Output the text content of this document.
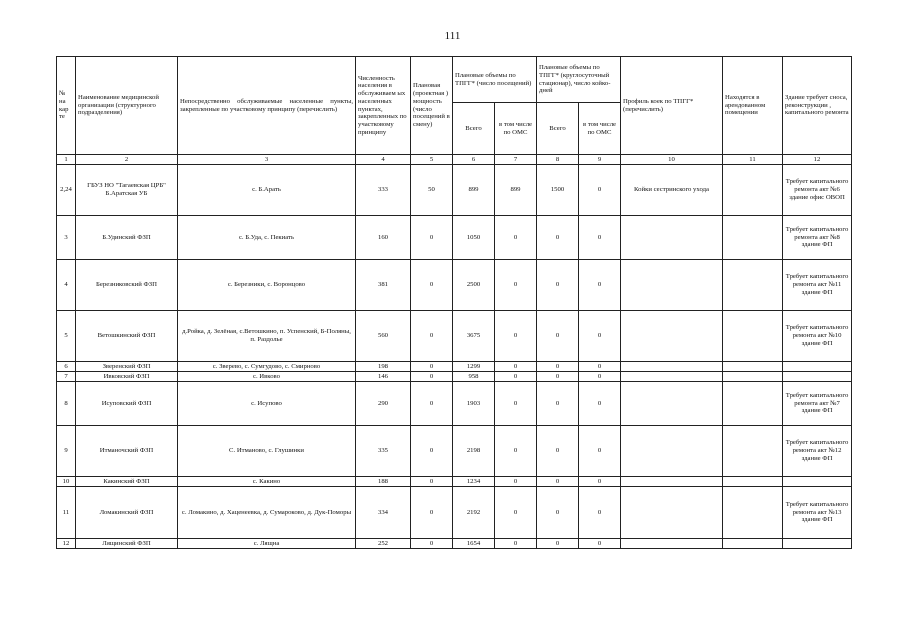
111
№ на кар те	Наименование медицинской организации (структурного подразделения)	Непосредственно обслуживаемые населенные пункты, закрепленные по участковому принципу (перечислить)	Численность населения в обслуживаем ых населенных пунктах, закрепленных по участковому принципу	Плановая (проектная ) мощность (число посещений в смену)	Плановые объемы по ТПГГ* (число посещений)		Плановые объемы по ТПГГ* (круглосуточный стационар), число койко-дней		Профиль коек по ТПГГ* (перечислить)	Находятся в арендованном помещении	Здание требует сноса, реконструкции , капитального ремонта
					Всего	в том числе по ОМС	Всего	в том числе по ОМС			
1	2	3	4	5	6	7	8	9	10	11	12
2,24	ГБУЗ НО "Тагаевская ЦРБ" Б.Аратская УБ	с. Б.Арать	333	50	899	899	1500	0	Койки сестринского ухода		Требует капитального ремонта акт №6 здание офис ОВОП
3	Б.Удинский ФЗП	с. Б.Уда, с. Пекиать	160	0	1050	0	0	0			Требует капитального ремонта акт №8 здание ФП
4	Березниковский ФЗП	с. Березники, с. Воронцово	381	0	2500	0	0	0			Требует капитального ремонта акт №11 здание ФП
5	Ветошкинский ФЗП	д.Ройка, д. Зелёная, с.Ветошкино, п. Успенский, Б-Поляны, п. Раздолье	560	0	3675	0	0	0			Требует капитального ремонта акт №10 здание ФП
6	Зверенский ФЗП	с. Зверево, с. Сумгудово, с. Смирново	198	0	1299	0	0	0			
7	Ивковский ФЗП	с. Ивково	146	0	958	0	0	0			
8	Исуповский ФЗП	с. Исупово	290	0	1903	0	0	0			Требует капитального ремонта акт №7 здание ФП
9	Итманочский ФЗП	С. Итманово, с. Глушинки	335	0	2198	0	0	0			Требует капитального ремонта акт №12 здание ФП
10	Какинский ФЗП	с. Какино	188	0	1234	0	0	0			
11	Ломакинский ФЗП	с. Ломакино, д. Хаценеевка, д. Сумароково, д. Дук-Поморы	334	0	2192	0	0	0			Требует капитального ремонта акт №13 здание ФП
12	Лящинский ФЗП	с. Лящна	252	0	1654	0	0	0			
